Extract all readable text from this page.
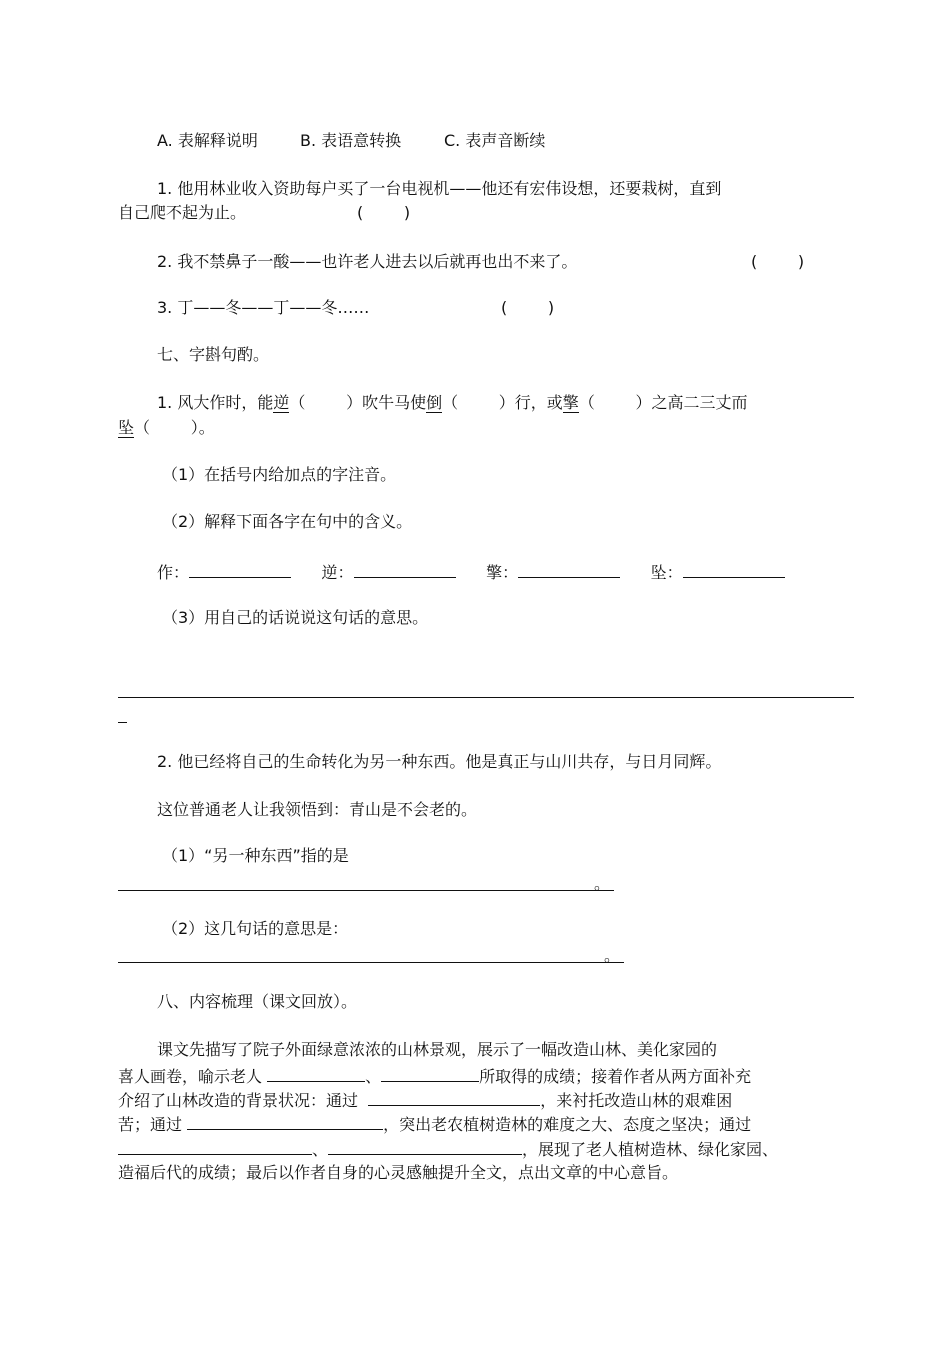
A. 表解释说明	B. 表语意转换	C. 表声音断续
1. 他用林业收入资助每户买了一台电视机——他还有宏伟设想，还要栽树，直到
自己爬不起为止。	(        )
2. 我不禁鼻子一酸——也许老人进去以后就再也出不来了。	(        )
3. 丁——冬——丁——冬……	(        )
七、字斟句酌。
1. 风大作时，能逆（        ）吹牛马使倒（        ）行，或擎（        ）之高二三丈而
坠（        ）。
（1）在括号内给加点的字注音。
（2）解释下面各字在句中的含义。
作：	逆：	擎：	坠：
（3）用自己的话说说这句话的意思。
2. 他已经将自己的生命转化为另一种东西。他是真正与山川共存，与日月同辉。
这位普通老人让我领悟到：青山是不会老的。
（1）“另一种东西”指的是
。
（2）这几句话的意思是：
。
八、内容梳理（课文回放）。
课文先描写了院子外面绿意浓浓的山林景观，展示了一幅改造山林、美化家园的
喜人画卷，喻示老人	、	所取得的成绩；接着作者从两方面补充
介绍了山林改造的背景状况：通过	，来衬托改造山林的艰难困
苦；通过	，突出老农植树造林的难度之大、态度之坚决；通过
、	，展现了老人植树造林、绿化家园、
造福后代的成绩；最后以作者自身的心灵感触提升全文，点出文章的中心意旨。
